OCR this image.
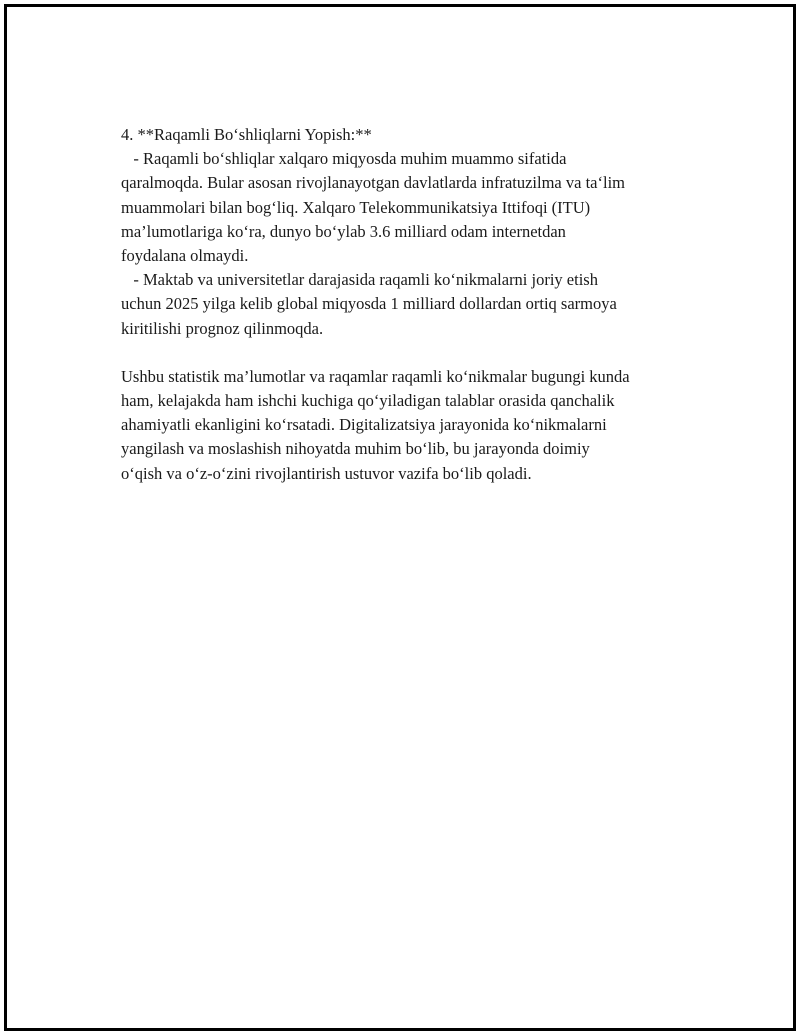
4. **Raqamli Bo‘shliqlarni Yopish:**
- Raqamli bo‘shliqlar xalqaro miqyosda muhim muammo sifatida
qaralmoqda. Bular asosan rivojlanayotgan davlatlarda infratuzilma va ta‘lim
muammolari bilan bog‘liq. Xalqaro Telekommunikatsiya Ittifoqi (ITU)
ma’lumotlariga ko‘ra, dunyo bo‘ylab 3.6 milliard odam internetdan
foydalana olmaydi.
- Maktab va universitetlar darajasida raqamli ko‘nikmalarni joriy etish
uchun 2025 yilga kelib global miqyosda 1 milliard dollardan ortiq sarmoya
kiritilishi prognoz qilinmoqda.
Ushbu statistik ma’lumotlar va raqamlar raqamli ko‘nikmalar bugungi kunda
ham, kelajakda ham ishchi kuchiga qo‘yiladigan talablar orasida qanchalik
ahamiyatli ekanligini ko‘rsatadi. Digitalizatsiya jarayonida ko‘nikmalarni
yangilash va moslashish nihoyatda muhim bo‘lib, bu jarayonda doimiy
o‘qish va o‘z-o‘zini rivojlantirish ustuvor vazifa bo‘lib qoladi.
